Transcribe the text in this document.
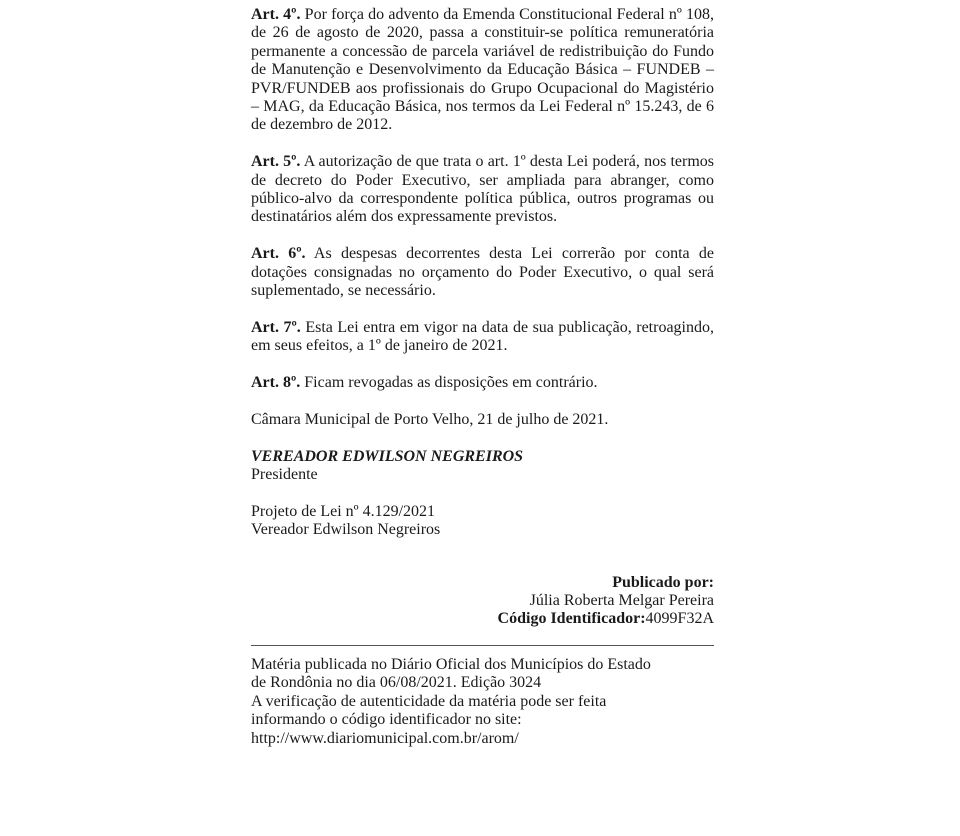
Art. 4º. Por força do advento da Emenda Constitucional Federal nº 108, de 26 de agosto de 2020, passa a constituir-se política remuneratória permanente a concessão de parcela variável de redistribuição do Fundo de Manutenção e Desenvolvimento da Educação Básica – FUNDEB – PVR/FUNDEB aos profissionais do Grupo Ocupacional do Magistério – MAG, da Educação Básica, nos termos da Lei Federal nº 15.243, de 6 de dezembro de 2012.

Art. 5º. A autorização de que trata o art. 1º desta Lei poderá, nos termos de decreto do Poder Executivo, ser ampliada para abranger, como público-alvo da correspondente política pública, outros programas ou destinatários além dos expressamente previstos.

Art. 6º. As despesas decorrentes desta Lei correrão por conta de dotações consignadas no orçamento do Poder Executivo, o qual será suplementado, se necessário.

Art. 7º. Esta Lei entra em vigor na data de sua publicação, retroagindo, em seus efeitos, a 1º de janeiro de 2021.

Art. 8º. Ficam revogadas as disposições em contrário.

Câmara Municipal de Porto Velho, 21 de julho de 2021.

VEREADOR EDWILSON NEGREIROS

Presidente

Projeto de Lei nº 4.129/2021

Vereador Edwilson Negreiros

Publicado por:
Júlia Roberta Melgar Pereira
Código Identificador:4099F32A
Matéria publicada no Diário Oficial dos Municípios do Estado
de Rondônia no dia 06/08/2021. Edição 3024
A verificação de autenticidade da matéria pode ser feita
informando o código identificador no site:
http://www.diariomunicipal.com.br/arom/
